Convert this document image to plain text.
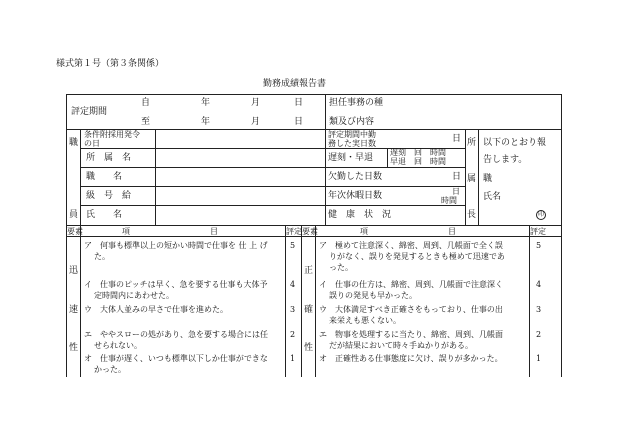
様式第１号（第３条関係）
勤務成績報告書
評定期間
自	年	月	日
至	年	月	日
担任事務の種
類及び内容
職
員
条件附採用発令
の日
所　属　名
職　　名
級　号　給
氏　　名
評定期間中勤
務した実日数	日
遅刻・早退
遅刻　回　時間
早退　回　時間
欠勤した日数	日
年次休暇日数	日
時間
健　康　状　況
所
属
長
以下のとおり報
告します。
職
氏名
印
要素	項　　　　　　　　　　目	評定 要素	項　　　　　　　　　　目	評定
迅
速
性
ア　何事も標準以上の短かい時間で仕事を 仕 上 げ
た。
5
イ　仕事のピッチは早く、急を要する仕事も大体予
定時間内にあわせた。
4
ウ　大体人並みの早さで仕事を進めた。	3
エ　ややスローの処があり、急を要する場合には任
せられない。
2
オ　仕事が遅く、いつも標準以下しか仕事ができな
かった。
1
正
確
性
ア　極めて注意深く、綿密、周到、几帳面で全く誤
りがなく、誤りを発見するときも極めて迅速であ
った。
5
イ　仕事の仕方は、綿密、周到、几帳面で注意深く
誤りの発見も早かった。
4
ウ　大体満足すべき正確さをもっており、仕事の出
来栄えも悪くない。
3
エ　物事を処理するに当たり、綿密、周到、几帳面
だが結果において時々手ぬかりがある。
2
オ　正確性ある仕事態度に欠け、誤りが多かった。	1
